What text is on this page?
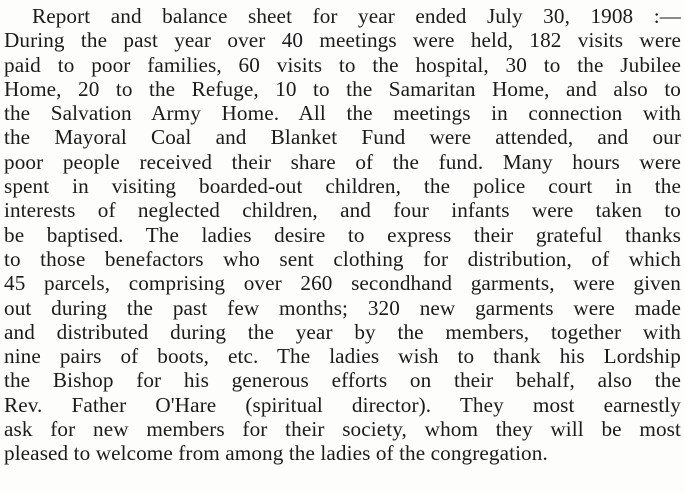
Report and balance sheet for year ended July 30, 1908 :—
During the past year over 40 meetings were held, 182 visits were
paid to poor families, 60 visits to the hospital, 30 to the Jubilee
Home, 20 to the Refuge, 10 to the Samaritan Home, and also to
the Salvation Army Home. All the meetings in connection with
the Mayoral Coal and Blanket Fund were attended, and our
poor people received their share of the fund. Many hours were
spent in visiting boarded-out children, the police court in the
interests of neglected children, and four infants were taken to
be baptised. The ladies desire to express their grateful thanks
to those benefactors who sent clothing for distribution, of which
45 parcels, comprising over 260 secondhand garments, were given
out during the past few months; 320 new garments were made
and distributed during the year by the members, together with
nine pairs of boots, etc. The ladies wish to thank his Lordship
the Bishop for his generous efforts on their behalf, also the
Rev. Father O'Hare (spiritual director). They most earnestly
ask for new members for their society, whom they will be most
pleased to welcome from among the ladies of the congregation.
